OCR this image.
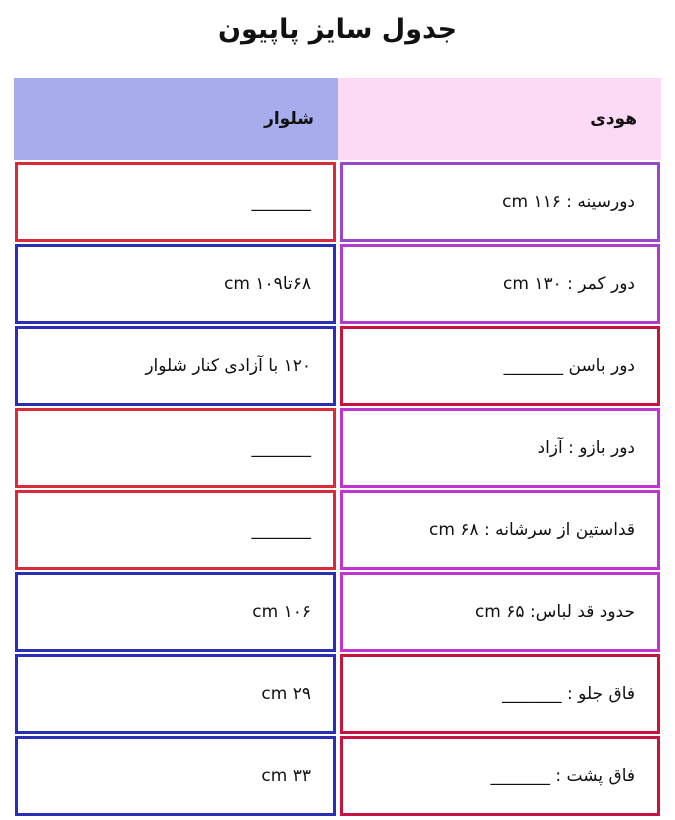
جدول سایز پاپیون
شلوار	هودی
_______	دورسینه : ۱۱۶ cm
۶۸تا۱۰۹ cm	دور کمر : ۱۳۰ cm
۱۲۰ با آزادی کنار شلوار	دور باسن _______
_______	دور بازو : آزاد
_______	قداستین از سرشانه : ۶۸ cm
۱۰۶ cm	حدود قد لباس: ۶۵ cm
۲۹ cm	فاق جلو : _______
۳۳ cm	فاق پشت : _______
